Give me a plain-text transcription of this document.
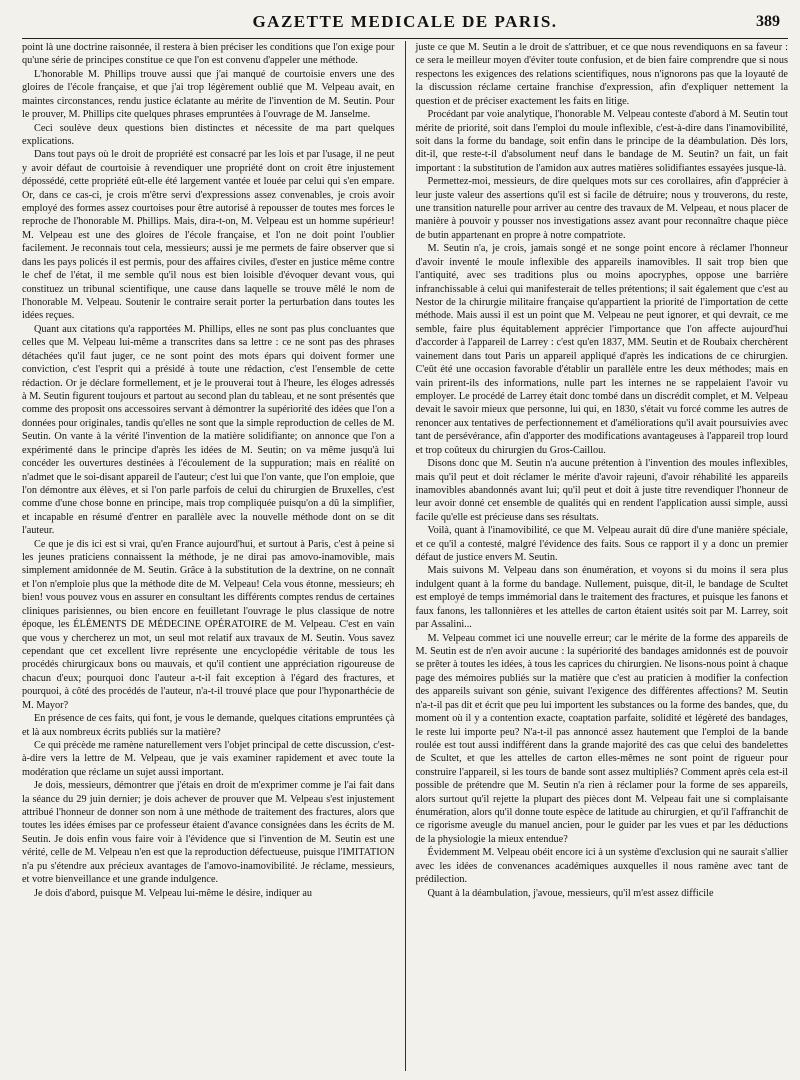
GAZETTE MEDICALE DE PARIS.	389

point là une doctrine raisonnée, il restera à bien préciser les conditions que l'on exige pour qu'une série de principes constitue ce que l'on est convenu d'appeler une méthode.

L'honorable M. Phillips trouve aussi que j'ai manqué de courtoisie envers une des gloires de l'école française, et que j'ai trop légèrement oublié que M. Velpeau avait, en maintes circonstances, rendu justice éclatante au mérite de l'invention de M. Seutin. Pour le prouver, M. Phillips cite quelques phrases empruntées à l'ouvrage de M. Janselme.

Ceci soulève deux questions bien distinctes et nécessite de ma part quelques explications.

Dans tout pays où le droit de propriété est consacré par les lois et par l'usage, il ne peut y avoir défaut de courtoisie à revendiquer une propriété dont on croit être injustement dépossédé, cette propriété eût-elle été largement vantée et louée par celui qui s'en empare. Or, dans ce cas-ci, je crois m'être servi d'expressions assez convenables, je crois avoir employé des formes assez courtoises pour être autorisé à repousser de toutes mes forces le reproche de l'honorable M. Phillips. Mais, dira-t-on, M. Velpeau est un homme supérieur! M. Velpeau est une des gloires de l'école française, et l'on ne doit point l'oublier facilement. Je reconnais tout cela, messieurs; aussi je me permets de faire observer que si dans les pays policés il est permis, pour des affaires civiles, d'ester en justice même contre le chef de l'état, il me semble qu'il nous est bien loisible d'évoquer devant vous, qui constituez un tribunal scientifique, une cause dans laquelle se trouve mêlé le nom de l'honorable M. Velpeau. Soutenir le contraire serait porter la perturbation dans toutes les idées reçues.

Quant aux citations qu'a rapportées M. Phillips, elles ne sont pas plus concluantes que celles que M. Velpeau lui-même a transcrites dans sa lettre : ce ne sont pas des phrases détachées qu'il faut juger, ce ne sont point des mots épars qui doivent former une conviction, c'est l'esprit qui a présidé à toute une rédaction, c'est l'ensemble de cette rédaction. Or je déclare formellement, et je le prouverai tout à l'heure, les éloges adressés à M. Seutin figurent toujours et partout au second plan du tableau, et ne sont présentés que comme des proposit ons accessoires servant à démontrer la supériorité des idées que l'on a données pour originales, tandis qu'elles ne sont que la simple reproduction de celles de M. Seutin. On vante à la vérité l'invention de la matière solidifiante; on annonce que l'on a expérimenté dans le principe d'après les idées de M. Seutin; on va même jusqu'à lui concéder les ouvertures destinées à l'écoulement de la suppuration; mais en réalité on n'admet que le soi-disant appareil de l'auteur; c'est lui que l'on vante, que l'on emploie, que l'on démontre aux élèves, et si l'on parle parfois de celui du chirurgien de Bruxelles, c'est comme d'une chose bonne en principe, mais trop compliquée puisqu'on a dû la simplifier, et incapable en résumé d'entrer en parallèle avec la nouvelle méthode dont on se dit l'auteur.

Ce que je dis ici est si vrai, qu'en France aujourd'hui, et surtout à Paris, c'est à peine si les jeunes praticiens connaissent la méthode, je ne dirai pas amovo-inamovible, mais simplement amidonnée de M. Seutin. Grâce à la substitution de la dextrine, on ne connaît et l'on n'emploie plus que la méthode dite de M. Velpeau! Cela vous étonne, messieurs; eh bien! vous pouvez vous en assurer en consultant les différents comptes rendus de certaines cliniques parisiennes, ou bien encore en feuilletant l'ouvrage le plus classique de notre époque, les ÉLÉMENTS DE MÉDECINE OPÉRATOIRE de M. Velpeau. C'est en vain que vous y chercherez un mot, un seul mot relatif aux travaux de M. Seutin. Vous savez cependant que cet excellent livre représente une encyclopédie véritable de tous les procédés chirurgicaux bons ou mauvais, et qu'il contient une appréciation rigoureuse de chacun d'eux; pourquoi donc l'auteur a-t-il fait exception à l'égard des fractures, et pourquoi, à côté des procédés de l'auteur, n'a-t-il trouvé place que pour l'hyponarthécie de M. Mayor?

En présence de ces faits, qui font, je vous le demande, quelques citations empruntées çà et là aux nombreux écrits publiés sur la matière?

Ce qui précède me ramène naturellement vers l'objet principal de cette discussion, c'est-à-dire vers la lettre de M. Velpeau, que je vais examiner rapidement et avec toute la modération que réclame un sujet aussi important.

Je dois, messieurs, démontrer que j'étais en droit de m'exprimer comme je l'ai fait dans la séance du 29 juin dernier; je dois achever de prouver que M. Velpeau s'est injustement attribué l'honneur de donner son nom à une méthode de traitement des fractures, alors que toutes les idées émises par ce professeur étaient d'avance consignées dans les écrits de M. Seutin. Je dois enfin vous faire voir à l'évidence que si l'invention de M. Seutin est une vérité, celle de M. Velpeau n'en est que la reproduction défectueuse, puisque l'IMITATION n'a pu s'étendre aux précieux avantages de l'amovo-inamovibilité. Je réclame, messieurs, et votre bienveillance et une grande indulgence.

Je dois d'abord, puisque M. Velpeau lui-même le désire, indiquer au

juste ce que M. Seutin a le droit de s'attribuer, et ce que nous revendiquons en sa faveur : ce sera le meilleur moyen d'éviter toute confusion, et de bien faire comprendre que si nous respectons les exigences des relations scientifiques, nous n'ignorons pas que la loyauté de la discussion réclame certaine franchise d'expression, afin d'expliquer nettement la question et de préciser exactement les faits en litige.

Procédant par voie analytique, l'honorable M. Velpeau conteste d'abord à M. Seutin tout mérite de priorité, soit dans l'emploi du moule inflexible, c'est-à-dire dans l'inamovibilité, soit dans la forme du bandage, soit enfin dans le principe de la déambulation. Dès lors, dit-il, que reste-t-il d'absolument neuf dans le bandage de M. Seutin? un fait, un fait important : la substitution de l'amidon aux autres matières solidifiantes essayées jusque-là.

Permettez-moi, messieurs, de dire quelques mots sur ces corollaires, afin d'apprécier à leur juste valeur des assertions qu'il est si facile de détruire; nous y trouverons, du reste, une transition naturelle pour arriver au centre des travaux de M. Velpeau, et nous placer de manière à pouvoir y pousser nos investigations assez avant pour reconnaître chaque pièce de butin appartenant en propre à notre compatriote.

M. Seutin n'a, je crois, jamais songé et ne songe point encore à réclamer l'honneur d'avoir inventé le moule inflexible des appareils inamovibles. Il sait trop bien que l'antiquité, avec ses traditions plus ou moins apocryphes, oppose une barrière infranchissable à celui qui manifesterait de telles prétentions; il sait également que c'est au Nestor de la chirurgie militaire française qu'appartient la priorité de l'importation de cette méthode. Mais aussi il est un point que M. Velpeau ne peut ignorer, et qui devrait, ce me semble, faire plus équitablement apprécier l'importance que l'on affecte aujourd'hui d'accorder à l'appareil de Larrey : c'est qu'en 1837, MM. Seutin et de Roubaix cherchèrent vainement dans tout Paris un appareil appliqué d'après les indications de ce chirurgien. C'eût été une occasion favorable d'établir un parallèle entre les deux méthodes; mais en vain prirent-ils des informations, nulle part les internes ne se rappelaient l'avoir vu employer. Le procédé de Larrey était donc tombé dans un discrédit complet, et M. Velpeau devait le savoir mieux que personne, lui qui, en 1830, s'était vu forcé comme les autres de renoncer aux tentatives de perfectionnement et d'améliorations qu'il avait poursuivies avec tant de persévérance, afin d'apporter des modifications avantageuses à l'appareil trop lourd et trop coûteux du chirurgien du Gros-Caillou.

Disons donc que M. Seutin n'a aucune prétention à l'invention des moules inflexibles, mais qu'il peut et doit réclamer le mérite d'avoir rajeuni, d'avoir réhabilité les appareils inamovibles abandonnés avant lui; qu'il peut et doit à juste titre revendiquer l'honneur de leur avoir donné cet ensemble de qualités qui en rendent l'application aussi simple, aussi facile qu'elle est précieuse dans ses résultats.

Voilà, quant à l'inamovibilité, ce que M. Velpeau aurait dû dire d'une manière spéciale, et ce qu'il a contesté, malgré l'évidence des faits. Sous ce rapport il y a donc un premier défaut de justice envers M. Seutin.

Mais suivons M. Velpeau dans son énumération, et voyons si du moins il sera plus indulgent quant à la forme du bandage. Nullement, puisque, dit-il, le bandage de Scultet est employé de temps immémorial dans le traitement des fractures, et puisque les fanons et faux fanons, les tallonnières et les attelles de carton étaient usités soit par M. Larrey, soit par Assalini...

M. Velpeau commet ici une nouvelle erreur; car le mérite de la forme des appareils de M. Seutin est de n'en avoir aucune : la supériorité des bandages amidonnés est de pouvoir se prêter à toutes les idées, à tous les caprices du chirurgien. Ne lisons-nous point à chaque page des mémoires publiés sur la matière que c'est au praticien à modifier la confection des appareils suivant son génie, suivant l'exigence des différentes affections? M. Seutin n'a-t-il pas dit et écrit que peu lui importent les substances ou la forme des bandes, que, du moment où il y a contention exacte, coaptation parfaite, solidité et légèreté des bandages, le reste lui importe peu? N'a-t-il pas annoncé assez hautement que l'emploi de la bande roulée est tout aussi indifférent dans la grande majorité des cas que celui des bandelettes de Scultet, et que les attelles de carton elles-mêmes ne sont point de rigueur pour construire l'appareil, si les tours de bande sont assez multipliés? Comment après cela est-il possible de prétendre que M. Seutin n'a rien à réclamer pour la forme de ses appareils, alors surtout qu'il rejette la plupart des pièces dont M. Velpeau fait une si complaisante énumération, alors qu'il donne toute espèce de latitude au chirurgien, et qu'il l'affranchit de ce rigorisme aveugle du manuel ancien, pour le guider par les vues et par les déductions de la physiologie la mieux entendue?

Évidemment M. Velpeau obéit encore ici à un système d'exclusion qui ne saurait s'allier avec les idées de convenances académiques auxquelles il nous ramène avec tant de prédilection.

Quant à la déambulation, j'avoue, messieurs, qu'il m'est assez difficile
